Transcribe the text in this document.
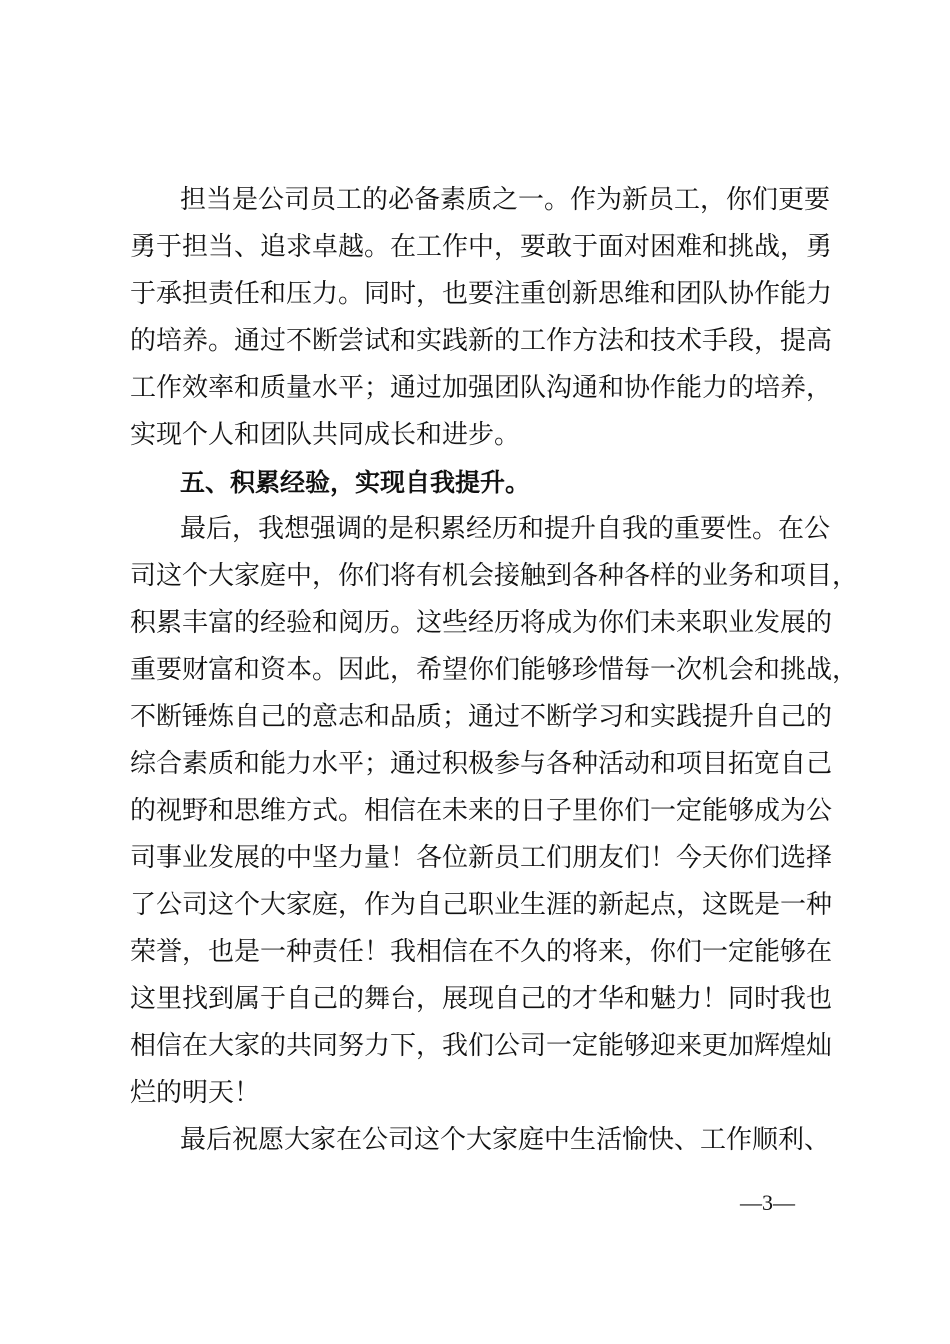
担当是公司员工的必备素质之一。作为新员工，你们更要
勇于担当、追求卓越。在工作中，要敢于面对困难和挑战，勇
于承担责任和压力。同时，也要注重创新思维和团队协作能力
的培养。通过不断尝试和实践新的工作方法和技术手段，提高
工作效率和质量水平；通过加强团队沟通和协作能力的培养，
实现个人和团队共同成长和进步。
五、积累经验，实现自我提升。
最后，我想强调的是积累经历和提升自我的重要性。在公
司这个大家庭中，你们将有机会接触到各种各样的业务和项目，
积累丰富的经验和阅历。这些经历将成为你们未来职业发展的
重要财富和资本。因此，希望你们能够珍惜每一次机会和挑战，
不断锤炼自己的意志和品质；通过不断学习和实践提升自己的
综合素质和能力水平；通过积极参与各种活动和项目拓宽自己
的视野和思维方式。相信在未来的日子里你们一定能够成为公
司事业发展的中坚力量！各位新员工们朋友们！今天你们选择
了公司这个大家庭，作为自己职业生涯的新起点，这既是一种
荣誉，也是一种责任！我相信在不久的将来，你们一定能够在
这里找到属于自己的舞台，展现自己的才华和魅力！同时我也
相信在大家的共同努力下，我们公司一定能够迎来更加辉煌灿
烂的明天！
最后祝愿大家在公司这个大家庭中生活愉快、工作顺利、
—3—
